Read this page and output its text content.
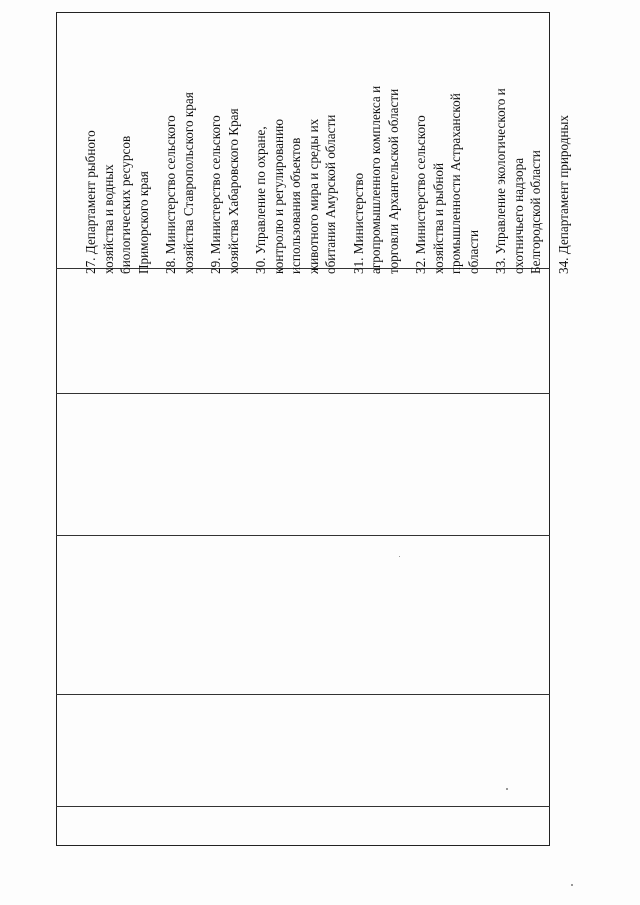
27. Департамент рыбного хозяйства и водных биологических ресурсов Приморского края 28. Министерство сельского хозяйства Ставропольского края 29. Министерство сельского хозяйства Хабаровского Края 30. Управление по охране, контролю и регулированию использования объектов животного мира и среды их обитания Амурской области 31. Министерство агропромышленного комплекса и торговли Архангельской области 32. Министерство сельского хозяйства и рыбной промышленности Астраханской области 33. Управление экологического и охотничьего надзора Белгородской области 34. Департамент природных
